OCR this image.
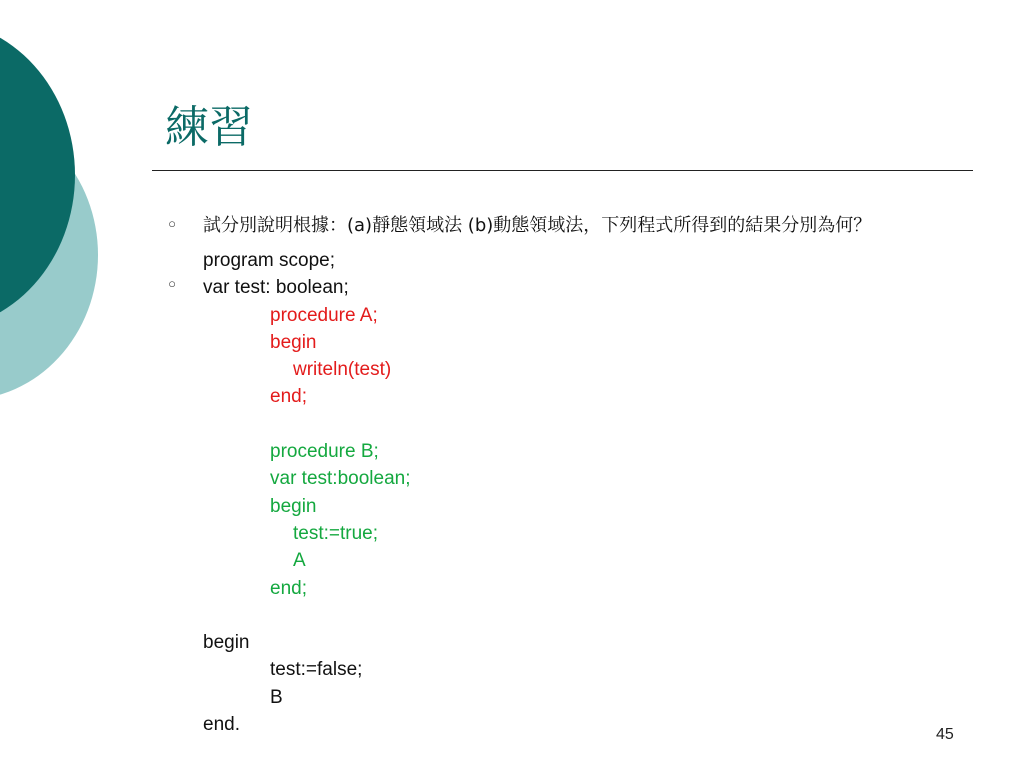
練習
○
○

試分別說明根據：(a)靜態領域法 (b)動態領域法，下列程式所得到的結果分別為何？

program scope;
var test: boolean;
procedure A;
begin
writeln(test)
end;
procedure B;
var test:boolean;
begin
test:=true;
A
end;
begin
test:=false;
B
end.	45
